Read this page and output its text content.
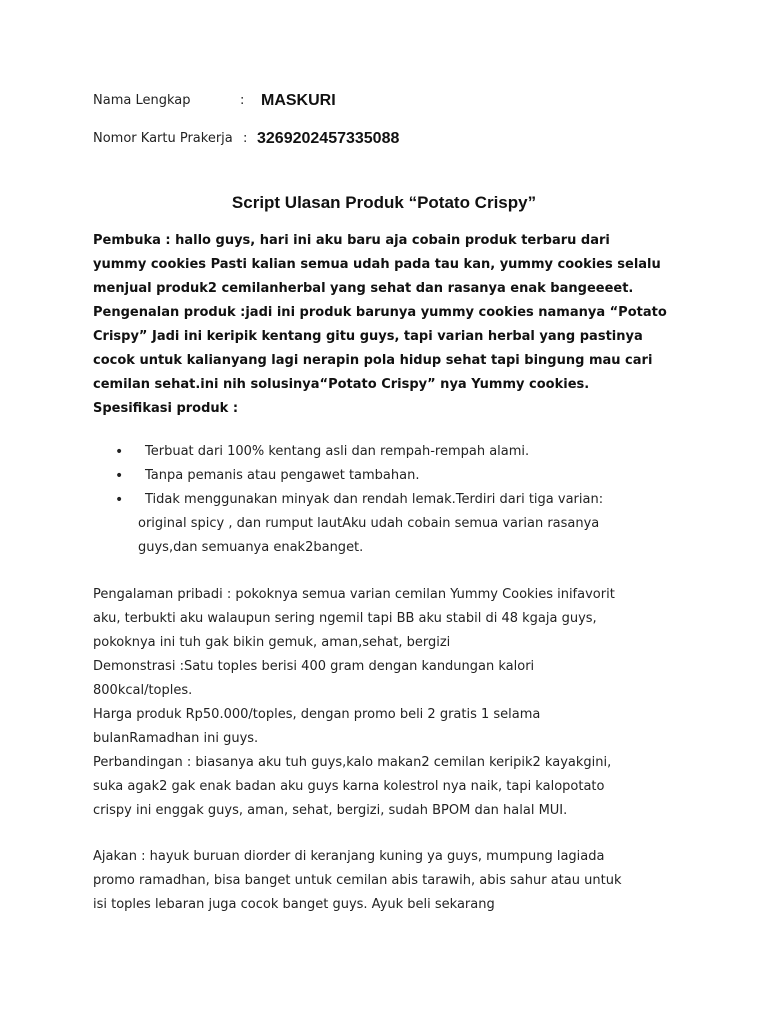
Nama Lengkap	: MASKURI
Nomor Kartu Prakerja : 3269202457335088
Script Ulasan Produk “Potato Crispy”

Pembuka : hallo guys, hari ini aku baru aja cobain produk terbaru dari

yummy cookies Pasti kalian semua udah pada tau kan, yummy cookies selalu

menjual produk2 cemilanherbal yang sehat dan rasanya enak bangeeeet.

Pengenalan produk :jadi ini produk barunya yummy cookies namanya “Potato

Crispy” Jadi ini keripik kentang gitu guys, tapi varian herbal yang pastinya

cocok untuk kalianyang lagi nerapin pola hidup sehat tapi bingung mau cari

cemilan sehat.ini nih solusinya“Potato Crispy” nya Yummy cookies.

Spesifikasi produk :

• Terbuat dari 100% kentang asli dan rempah-rempah alami.
• Tanpa pemanis atau pengawet tambahan.
• Tidak menggunakan minyak dan rendah lemak.Terdiri dari tiga varian:
original spicy , dan rumput lautAku udah cobain semua varian rasanya
guys,dan semuanya enak2banget.

Pengalaman pribadi : pokoknya semua varian cemilan Yummy Cookies inifavorit

aku, terbukti aku walaupun sering ngemil tapi BB aku stabil di 48 kgaja guys,

pokoknya ini tuh gak bikin gemuk, aman,sehat, bergizi

Demonstrasi :Satu toples berisi 400 gram dengan kandungan kalori

800kcal/toples.

Harga produk Rp50.000/toples, dengan promo beli 2 gratis 1 selama

bulanRamadhan ini guys.

Perbandingan : biasanya aku tuh guys,kalo makan2 cemilan keripik2 kayakgini,

suka agak2 gak enak badan aku guys karna kolestrol nya naik, tapi kalopotato

crispy ini enggak guys, aman, sehat, bergizi, sudah BPOM dan halal MUI.

Ajakan : hayuk buruan diorder di keranjang kuning ya guys, mumpung lagiada

promo ramadhan, bisa banget untuk cemilan abis tarawih, abis sahur atau untuk

isi toples lebaran juga cocok banget guys. Ayuk beli sekarang
